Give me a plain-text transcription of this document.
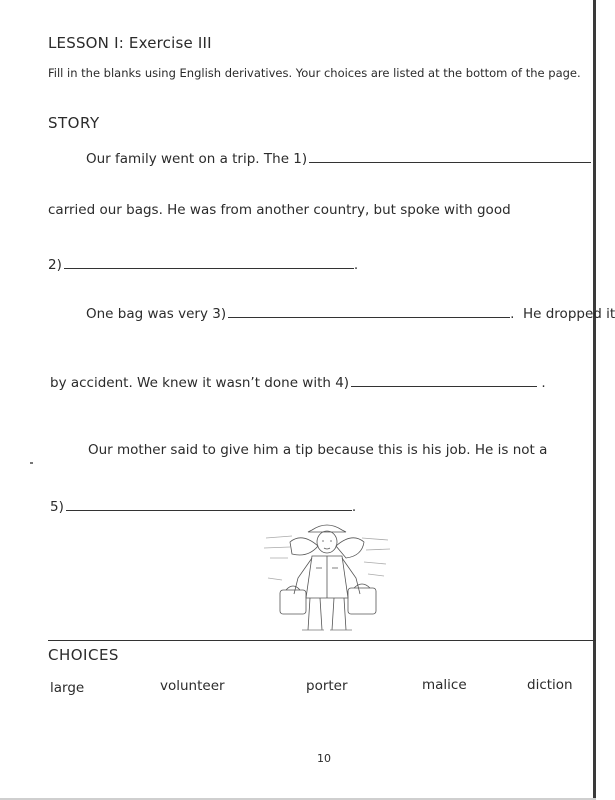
LESSON I: Exercise III
Fill in the blanks using English derivatives. Your choices are listed at the bottom of the page.
STORY
Our family went on a trip. The 1)
carried our bags. He was from another country, but spoke with good
2)	.
One bag was very 3)	.  He dropped it
by accident. We knew it wasn’t done with 4)	.
Our mother said to give him a tip because this is his job. He is not a
5)	.
CHOICES
large	volunteer	porter	malice	diction
10
